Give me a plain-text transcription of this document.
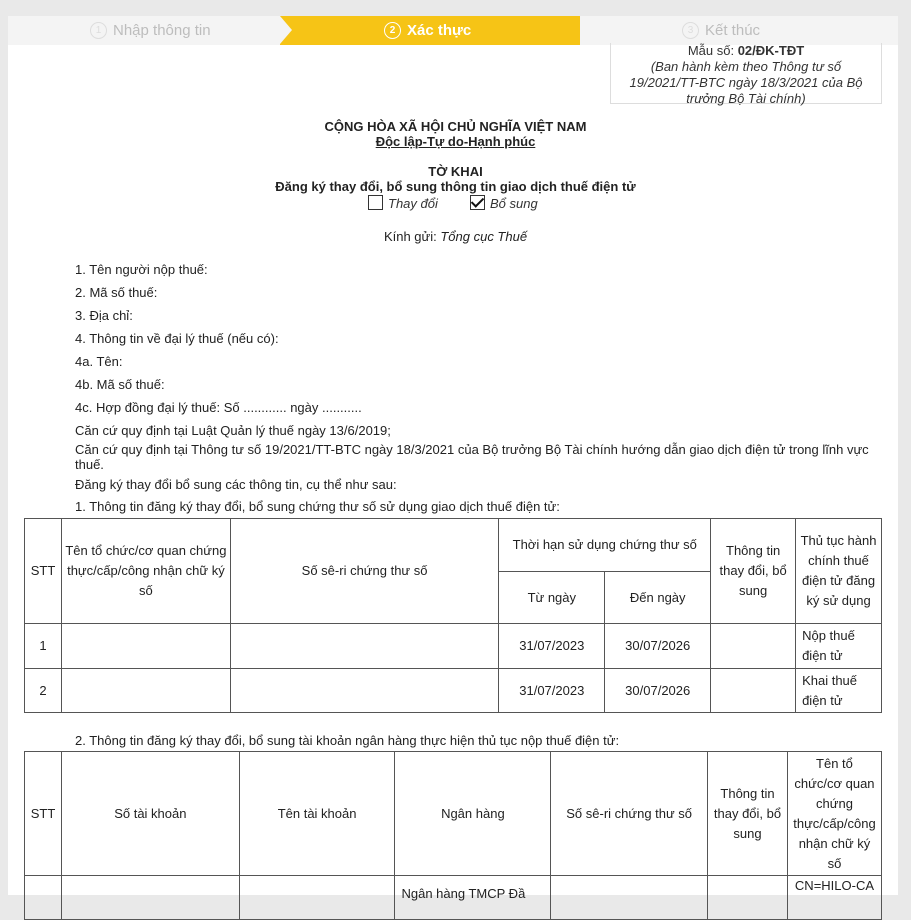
1 Nhập thông tin	2 Xác thực	3 Kết thúc
Mẫu số: 02/ĐK-TĐT
(Ban hành kèm theo Thông tư số 19/2021/TT-BTC ngày 18/3/2021 của Bộ trưởng Bộ Tài chính)
CỘNG HÒA XÃ HỘI CHỦ NGHĨA VIỆT NAM
Độc lập-Tự do-Hạnh phúc
TỜ KHAI
Đăng ký thay đổi, bổ sung thông tin giao dịch thuế điện tử
Thay đổi	Bổ sung
Kính gửi: Tổng cục Thuế
1. Tên người nộp thuế:
2. Mã số thuế:
3. Địa chỉ:
4. Thông tin về đại lý thuế (nếu có):
4a. Tên:
4b. Mã số thuế:
4c. Hợp đồng đại lý thuế: Số ............ ngày ...........
Căn cứ quy định tại Luật Quản lý thuế ngày 13/6/2019;
Căn cứ quy định tại Thông tư số 19/2021/TT-BTC ngày 18/3/2021 của Bộ trưởng Bộ Tài chính hướng dẫn giao dịch điện tử trong lĩnh vực thuế.
Đăng ký thay đổi bổ sung các thông tin, cụ thể như sau:
1. Thông tin đăng ký thay đổi, bổ sung chứng thư số sử dụng giao dịch thuế điện tử:
STT	Tên tổ chức/cơ quan chứng thực/cấp/công nhận chữ ký số	Số sê-ri chứng thư số	Thời hạn sử dụng chứng thư số		Thông tin thay đổi, bổ sung	Thủ tục hành chính thuế điện tử đăng ký sử dụng
			Từ ngày	Đến ngày		
1			31/07/2023	30/07/2026		Nộp thuế điện tử
2			31/07/2023	30/07/2026		Khai thuế điện tử
2. Thông tin đăng ký thay đổi, bổ sung tài khoản ngân hàng thực hiện thủ tục nộp thuế điện tử:
STT	Số tài khoản	Tên tài khoản	Ngân hàng	Số sê-ri chứng thư số	Thông tin thay đổi, bổ sung	Tên tổ chức/cơ quan chứng thực/cấp/công nhận chữ ký số
			Ngân hàng TMCP Đầ			CN=HILO-CA
